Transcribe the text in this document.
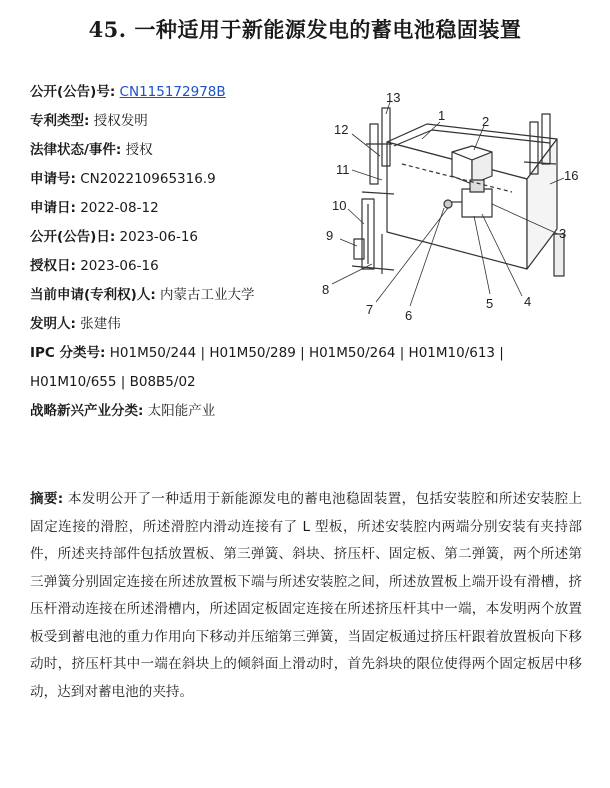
45. 一种适用于新能源发电的蓄电池稳固装置
公开(公告)号: CN115172978B
专利类型: 授权发明
法律状态/事件: 授权
申请号: CN202210965316.9
申请日: 2022-08-12
公开(公告)日: 2023-06-16
授权日: 2023-06-16
当前申请(专利权)人: 内蒙古工业大学
发明人: 张建伟
IPC 分类号: H01M50/244 | H01M50/289 | H01M50/264 | H01M10/613 | H01M10/655 | B08B5/02
战略新兴产业分类: 太阳能产业
13
1	2
12
11	16
10
9	3
8
4
5
6
7
摘要: 本发明公开了一种适用于新能源发电的蓄电池稳固装置，包括安装腔和所述安装腔上固定连接的滑腔，所述滑腔内滑动连接有了 L 型板，所述安装腔内两端分别安装有夹持部件，所述夹持部件包括放置板、第三弹簧、斜块、挤压杆、固定板、第二弹簧，两个所述第三弹簧分别固定连接在所述放置板下端与所述安装腔之间，所述放置板上端开设有滑槽，挤压杆滑动连接在所述滑槽内，所述固定板固定连接在所述挤压杆其中一端，本发明两个放置板受到蓄电池的重力作用向下移动并压缩第三弹簧，当固定板通过挤压杆跟着放置板向下移动时，挤压杆其中一端在斜块上的倾斜面上滑动时，首先斜块的限位使得两个固定板居中移动，达到对蓄电池的夹持。
